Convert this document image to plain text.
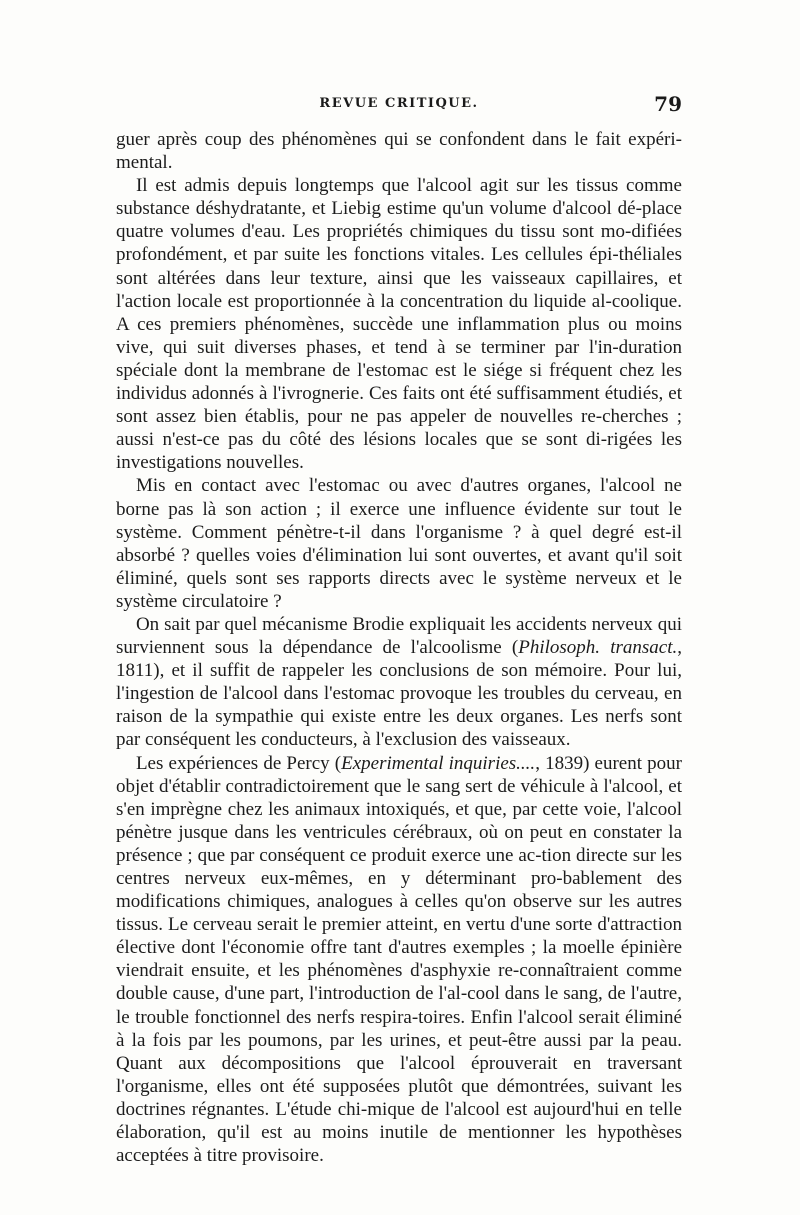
REVUE CRITIQUE.	79

guer après coup des phénomènes qui se confondent dans le fait expéri-mental.

Il est admis depuis longtemps que l'alcool agit sur les tissus comme substance déshydratante, et Liebig estime qu'un volume d'alcool dé-place quatre volumes d'eau. Les propriétés chimiques du tissu sont mo-difiées profondément, et par suite les fonctions vitales. Les cellules épi-théliales sont altérées dans leur texture, ainsi que les vaisseaux capillaires, et l'action locale est proportionnée à la concentration du liquide al-coolique. A ces premiers phénomènes, succède une inflammation plus ou moins vive, qui suit diverses phases, et tend à se terminer par l'in-duration spéciale dont la membrane de l'estomac est le siége si fréquent chez les individus adonnés à l'ivrognerie. Ces faits ont été suffisamment étudiés, et sont assez bien établis, pour ne pas appeler de nouvelles re-cherches ; aussi n'est-ce pas du côté des lésions locales que se sont di-rigées les investigations nouvelles.

Mis en contact avec l'estomac ou avec d'autres organes, l'alcool ne borne pas là son action ; il exerce une influence évidente sur tout le système. Comment pénètre-t-il dans l'organisme ? à quel degré est-il absorbé ? quelles voies d'élimination lui sont ouvertes, et avant qu'il soit éliminé, quels sont ses rapports directs avec le système nerveux et le système circulatoire ?

On sait par quel mécanisme Brodie expliquait les accidents nerveux qui surviennent sous la dépendance de l'alcoolisme (Philosoph. transact., 1811), et il suffit de rappeler les conclusions de son mémoire. Pour lui, l'ingestion de l'alcool dans l'estomac provoque les troubles du cerveau, en raison de la sympathie qui existe entre les deux organes. Les nerfs sont par conséquent les conducteurs, à l'exclusion des vaisseaux.

Les expériences de Percy (Experimental inquiries...., 1839) eurent pour objet d'établir contradictoirement que le sang sert de véhicule à l'alcool, et s'en imprègne chez les animaux intoxiqués, et que, par cette voie, l'alcool pénètre jusque dans les ventricules cérébraux, où on peut en constater la présence ; que par conséquent ce produit exerce une ac-tion directe sur les centres nerveux eux-mêmes, en y déterminant pro-bablement des modifications chimiques, analogues à celles qu'on observe sur les autres tissus. Le cerveau serait le premier atteint, en vertu d'une sorte d'attraction élective dont l'économie offre tant d'autres exemples ; la moelle épinière viendrait ensuite, et les phénomènes d'asphyxie re-connaîtraient comme double cause, d'une part, l'introduction de l'al-cool dans le sang, de l'autre, le trouble fonctionnel des nerfs respira-toires. Enfin l'alcool serait éliminé à la fois par les poumons, par les urines, et peut-être aussi par la peau. Quant aux décompositions que l'alcool éprouverait en traversant l'organisme, elles ont été supposées plutôt que démontrées, suivant les doctrines régnantes. L'étude chi-mique de l'alcool est aujourd'hui en telle élaboration, qu'il est au moins inutile de mentionner les hypothèses acceptées à titre provisoire.
